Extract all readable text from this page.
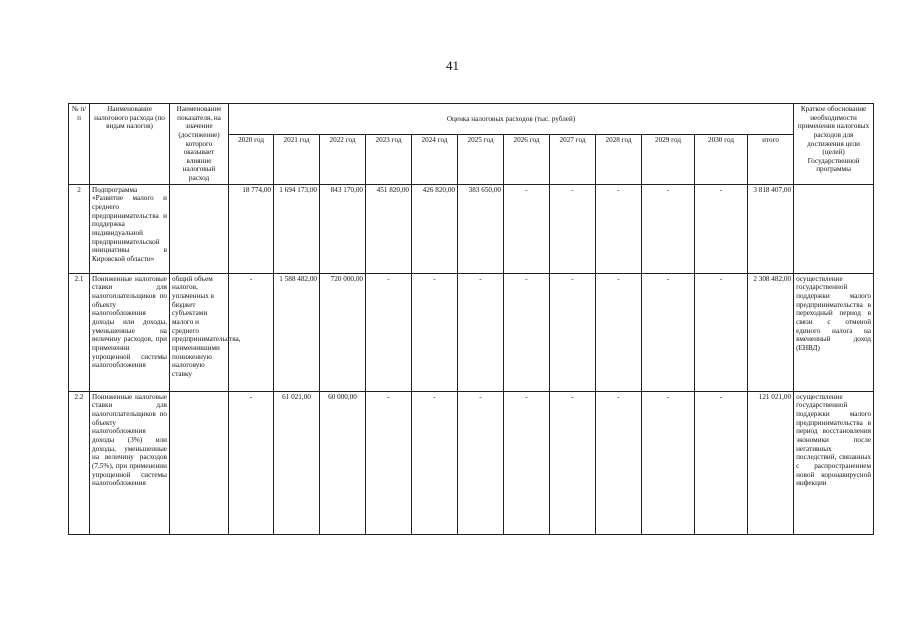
41
№ п/п	Наименование налогового расхода (по видам налогов)	Наименование показателя, на значение (достижение) которого оказывает влияние налоговый расход	Оценка налоговых расходов (тыс. рублей)												Краткое обоснование необходимости применения налоговых расходов для достижения цели (целей) Государственной программы
			2020 год	2021 год	2022 год	2023 год	2024 год	2025 год	2026 год	2027 год	2028 год	2029 год	2030 год	итого	
2	Подпрограмма «Развитие малого и среднего предпринимательства и поддержка индивидуальной предпринимательской инициативы в Кировской области»		18 774,00	1 694 173,00	843 170,00	451 820,00	426 820,00	383 650,00	-	-	-	-	-	3 818 407,00	
2.1	Пониженные налоговые ставки для налогоплательщиков по объекту налогообложения доходы или доходы, уменьшенные на величину расходов, при применении упрощенной системы налогообложения	общий объем налогов, уплаченных в бюджет субъектами малого и среднего предпринимательства, применившими пониженную налоговую ставку	-	1 588 482,00	720 000,00	-	-	-	-	-	-	-	-	2 308 482,00	осуществление государственной поддержки малого предпринимательства в переходный период в связи с отменой единого налога на вмененный доход (ЕНВД)
2.2	Пониженные налоговые ставки для налогоплательщиков по объекту налогообложения доходы (3%) или доходы, уменьшенные на величину расходов (7,5%), при применении упрощенной системы налогообложения		-	61 021,00	60 000,00	-	-	-	-	-	-	-	-	121 021,00	осуществление государственной поддержки малого предпринимательства в период восстановления экономики после негативных последствий, связанных с распространением новой коронавирусной инфекции
